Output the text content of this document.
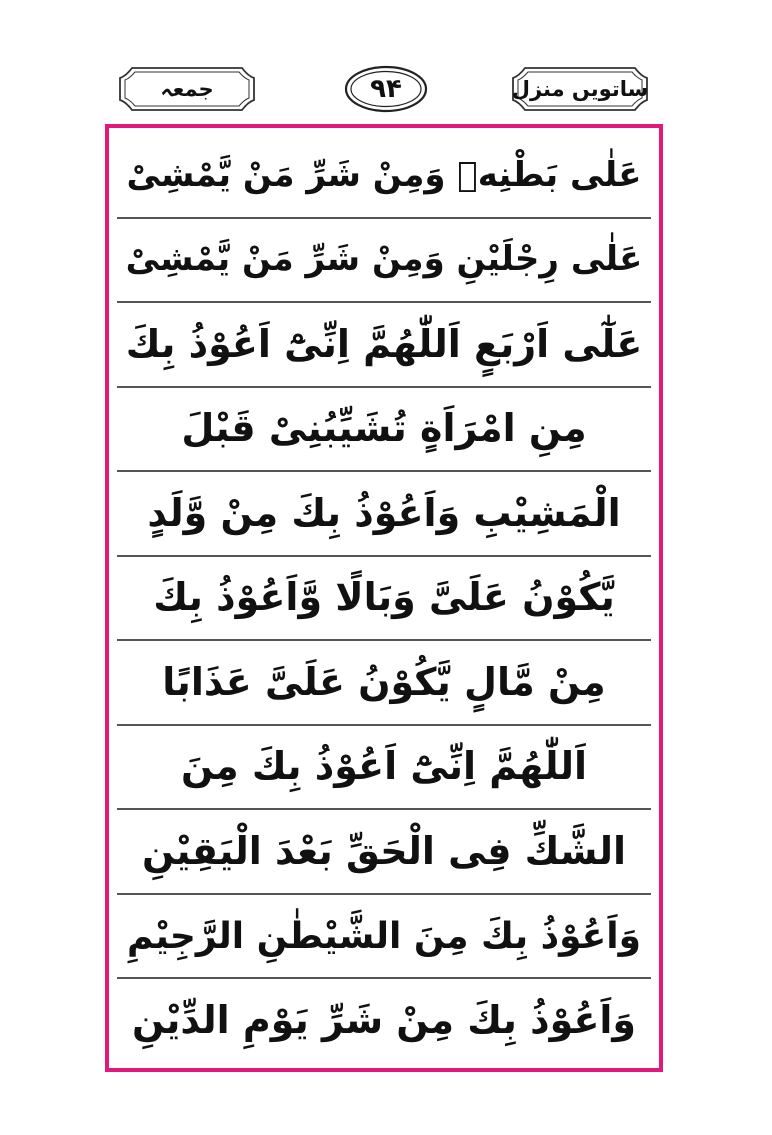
جمعہ	۹۴	ساتویں منزل
عَلٰى بَطْنِهٖ وَمِنْ شَرِّ مَنْ يَّمْشِىْ
عَلٰى رِجْلَيْنِ وَمِنْ شَرِّ مَنْ يَّمْشِىْ
عَلٰٓى اَرْبَعٍ اَللّٰهُمَّ اِنِّىْٓ اَعُوْذُ بِكَ
مِنِ امْرَاَةٍ تُشَيِّبُنِىْ قَبْلَ
الْمَشِيْبِ وَاَعُوْذُ بِكَ مِنْ وَّلَدٍ
يَّكُوْنُ عَلَىَّ وَبَالًا وَّاَعُوْذُ بِكَ
مِنْ مَّالٍ يَّكُوْنُ عَلَىَّ عَذَابًا
اَللّٰهُمَّ اِنِّىْٓ اَعُوْذُ بِكَ مِنَ
الشَّكِّ فِى الْحَقِّ بَعْدَ الْيَقِيْنِ
وَاَعُوْذُ بِكَ مِنَ الشَّيْطٰنِ الرَّجِيْمِ
وَاَعُوْذُ بِكَ مِنْ شَرِّ يَوْمِ الدِّيْنِ
